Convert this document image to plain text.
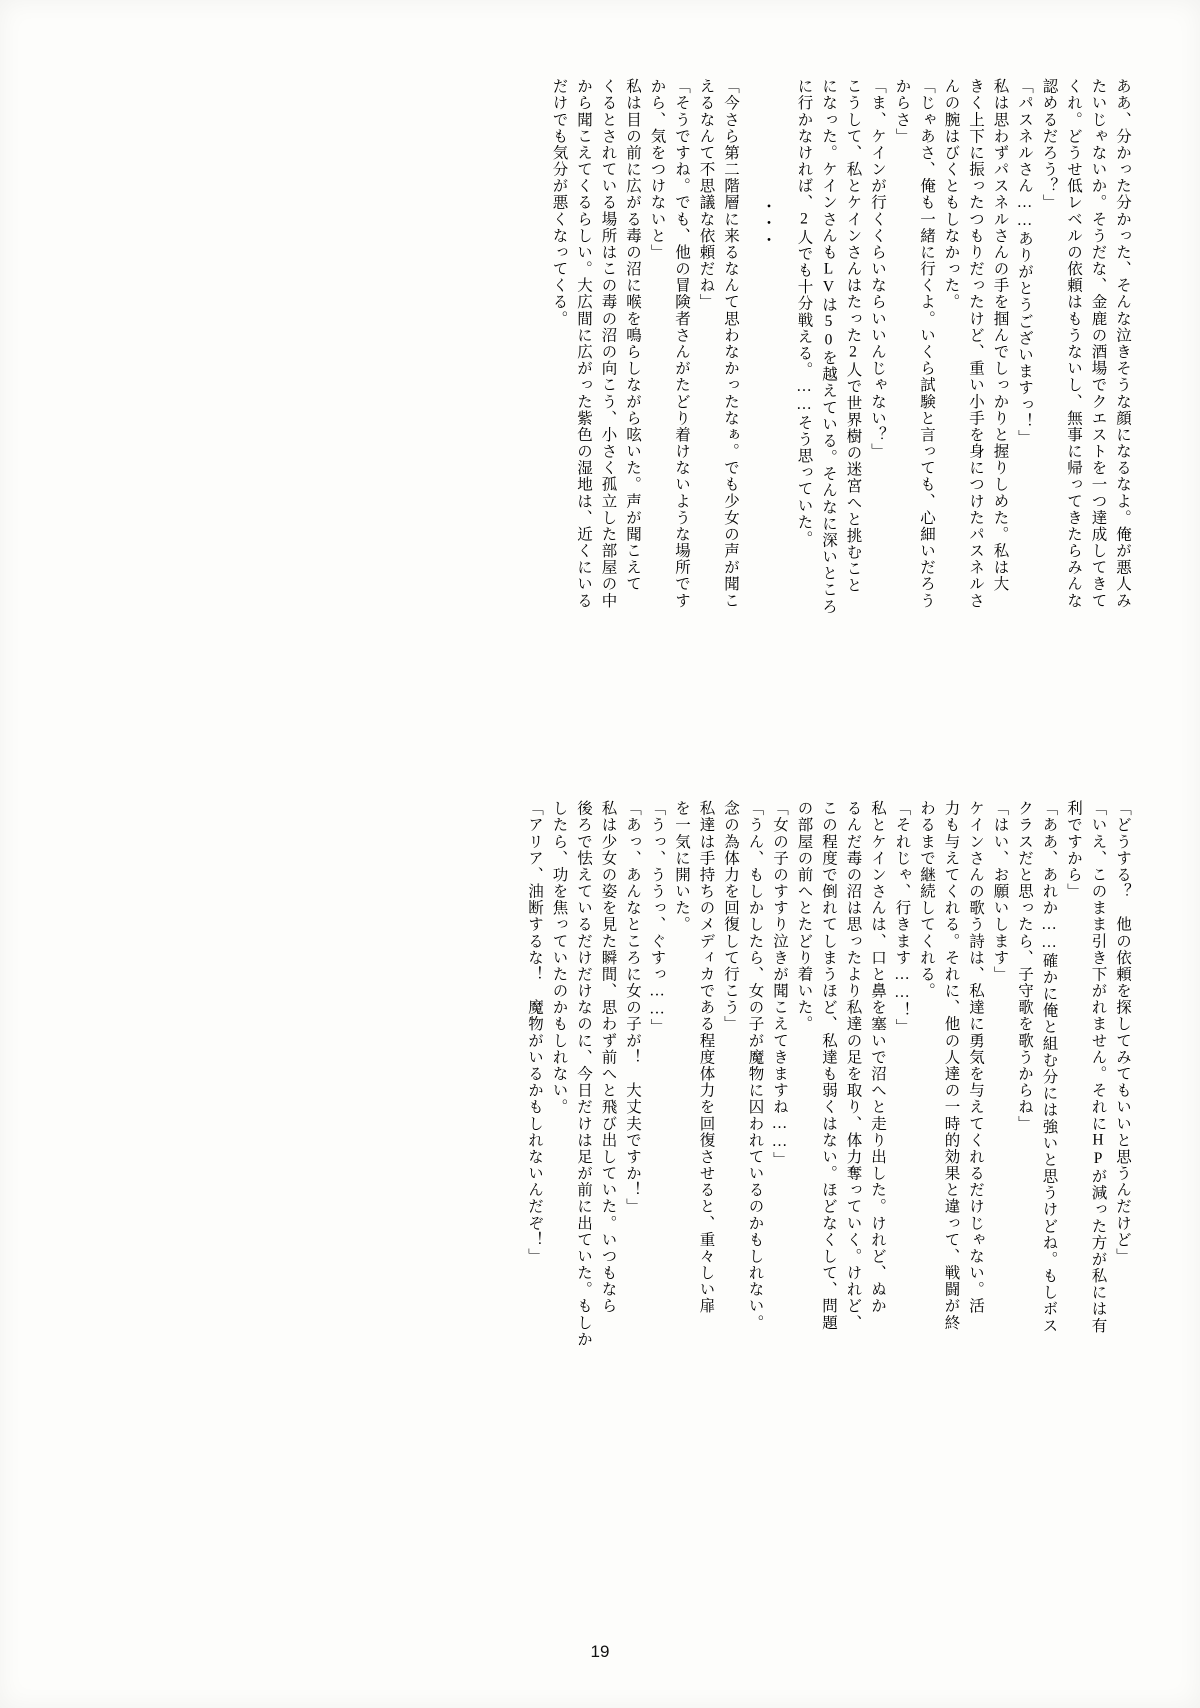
ああ、分かった分かった、そんな泣きそうな顔になるなよ。俺が悪人み
たいじゃないか。そうだな、金鹿の酒場でクエストを一つ達成してきて
くれ。どうせ低レベルの依頼はもうないし、無事に帰ってきたらみんな
認めるだろう？」
「パスネルさん……ありがとうございますっ！」
私は思わずパスネルさんの手を掴んでしっかりと握りしめた。私は大
きく上下に振ったつもりだったけど、重い小手を身につけたパスネルさ
んの腕はびくともしなかった。
「じゃあさ、俺も一緒に行くよ。いくら試験と言っても、心細いだろう
からさ」
「ま、ケインが行くくらいならいいんじゃない？」
こうして、私とケインさんはたった2人で世界樹の迷宮へと挑むこと
になった。ケインさんもLVは50を越えている。そんなに深いところ
に行かなければ、2人でも十分戦える。……そう思っていた。
・・・
「今さら第二階層に来るなんて思わなかったなぁ。でも少女の声が聞こ
えるなんて不思議な依頼だね」
「そうですね。でも、他の冒険者さんがたどり着けないような場所です
から、気をつけないと」
私は目の前に広がる毒の沼に喉を鳴らしながら呟いた。声が聞こえて
くるとされている場所はこの毒の沼の向こう、小さく孤立した部屋の中
から聞こえてくるらしい。大広間に広がった紫色の湿地は、近くにいる
だけでも気分が悪くなってくる。
「どうする？　他の依頼を探してみてもいいと思うんだけど」
「いえ、このまま引き下がれません。それにHPが減った方が私には有
利ですから」
「ああ、あれか……確かに俺と組む分には強いと思うけどね。もしボス
クラスだと思ったら、子守歌を歌うからね」
「はい、お願いします」
ケインさんの歌う詩は、私達に勇気を与えてくれるだけじゃない。活
力も与えてくれる。それに、他の人達の一時的効果と違って、戦闘が終
わるまで継続してくれる。
「それじゃ、行きます……！」
私とケインさんは、口と鼻を塞いで沼へと走り出した。けれど、ぬか
るんだ毒の沼は思ったより私達の足を取り、体力奪っていく。けれど、
この程度で倒れてしまうほど、私達も弱くはない。ほどなくして、問題
の部屋の前へとたどり着いた。
「女の子のすすり泣きが聞こえてきますね……」
「うん、もしかしたら、女の子が魔物に囚われているのかもしれない。
念の為体力を回復して行こう」
私達は手持ちのメディカである程度体力を回復させると、重々しい扉
を一気に開いた。
「うっ、ううっ、ぐすっ……」
「あっ、あんなところに女の子が！　大丈夫ですか！」
私は少女の姿を見た瞬間、思わず前へと飛び出していた。いつもなら
後ろで怯えているだけだけなのに、今日だけは足が前に出ていた。もしか
したら、功を焦っていたのかもしれない。
「アリア、油断するな！　魔物がいるかもしれないんだぞ！」
19
